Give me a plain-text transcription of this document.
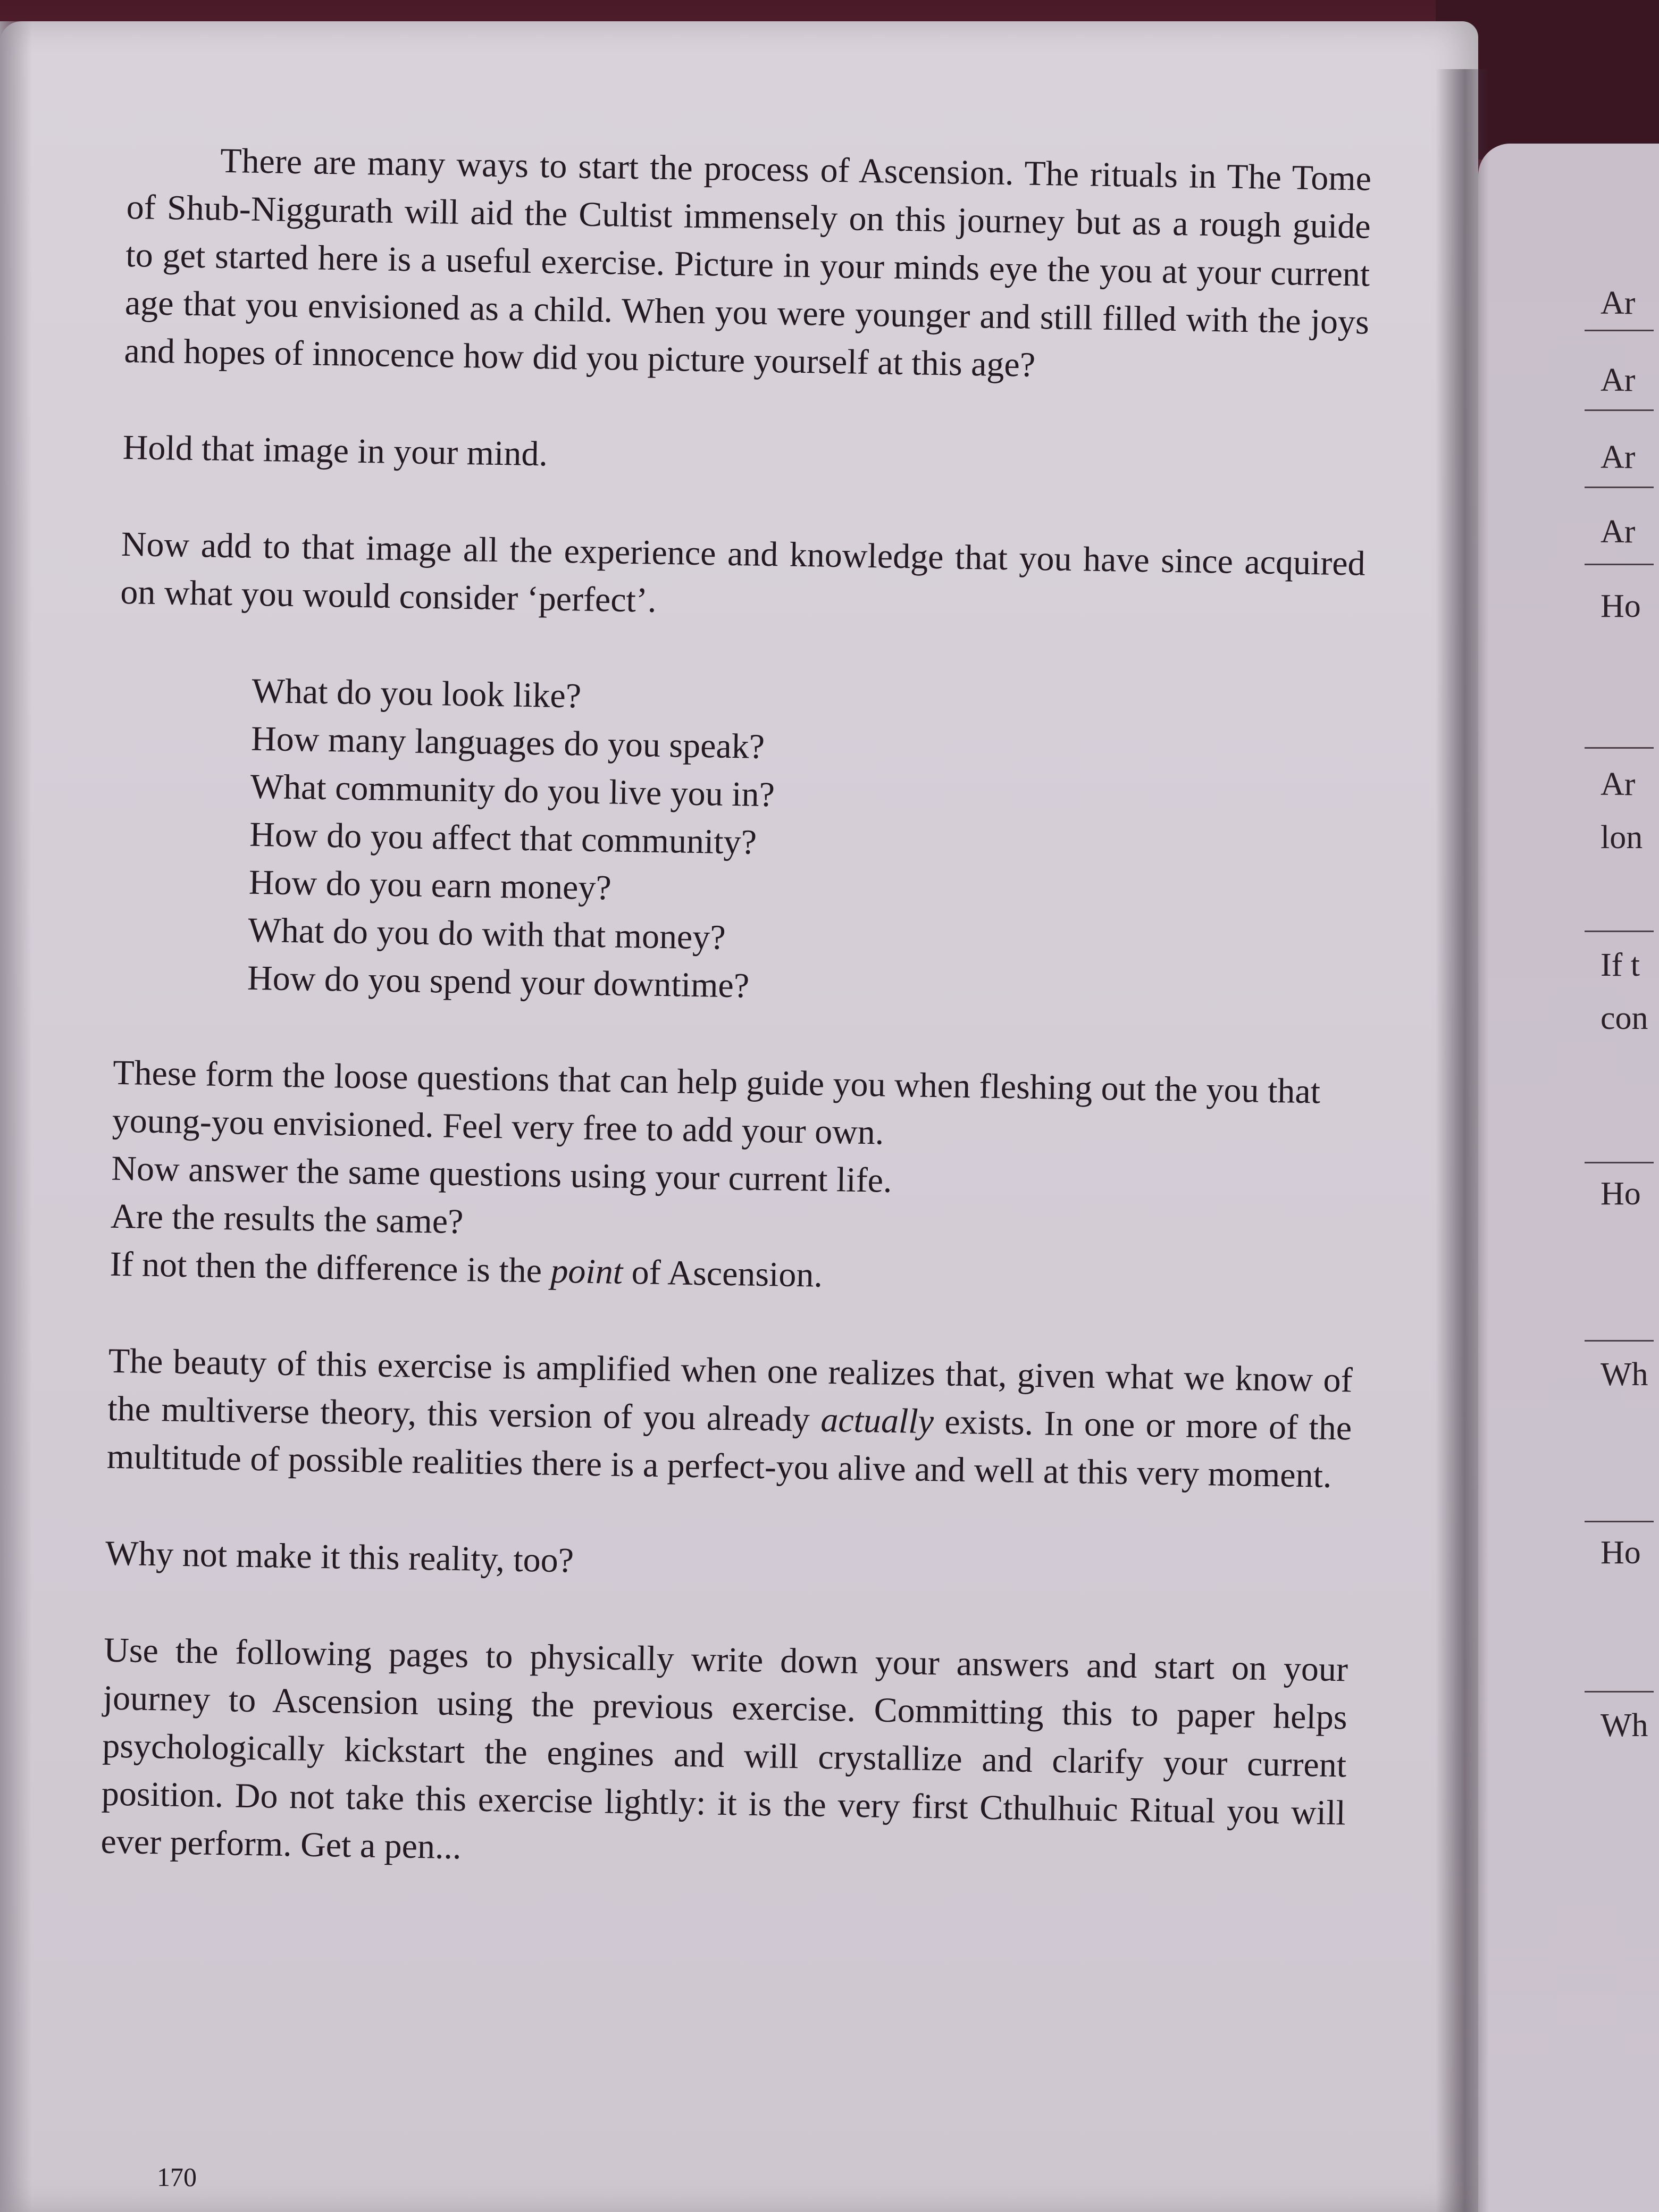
There are many ways to start the process of Ascension. The rituals in The Tome of Shub-Niggurath will aid the Cultist immensely on this journey but as a rough guide to get started here is a useful exercise. Picture in your minds eye the you at your current age that you envisioned as a child. When you were younger and still filled with the joys and hopes of innocence how did you picture yourself at this age?

Hold that image in your mind.

Now add to that image all the experience and knowledge that you have since acquired on what you would consider ‘perfect’.

What do you look like?
How many languages do you speak?
What community do you live you in?
How do you affect that community?
How do you earn money?
What do you do with that money?
How do you spend your downtime?
These form the loose questions that can help guide you when fleshing out the you that young-you envisioned. Feel very free to add your own.
Now answer the same questions using your current life.
Are the results the same?
If not then the difference is the point of Ascension.

The beauty of this exercise is amplified when one realizes that, given what we know of the multiverse theory, this version of you already actually exists. In one or more of the multitude of possible realities there is a perfect-you alive and well at this very moment.

Why not make it this reality, too?

Use the following pages to physically write down your answers and start on your journey to Ascension using the previous exercise. Committing this to paper helps psychologically kickstart the engines and will crystallize and clarify your current position. Do not take this exercise lightly: it is the very first Cthulhuic Ritual you will ever perform. Get a pen...

170
Ar
Ar
Ar
Ar
Ho
Ar
lon
If t
con
Ho
Wh
Ho
Wh
